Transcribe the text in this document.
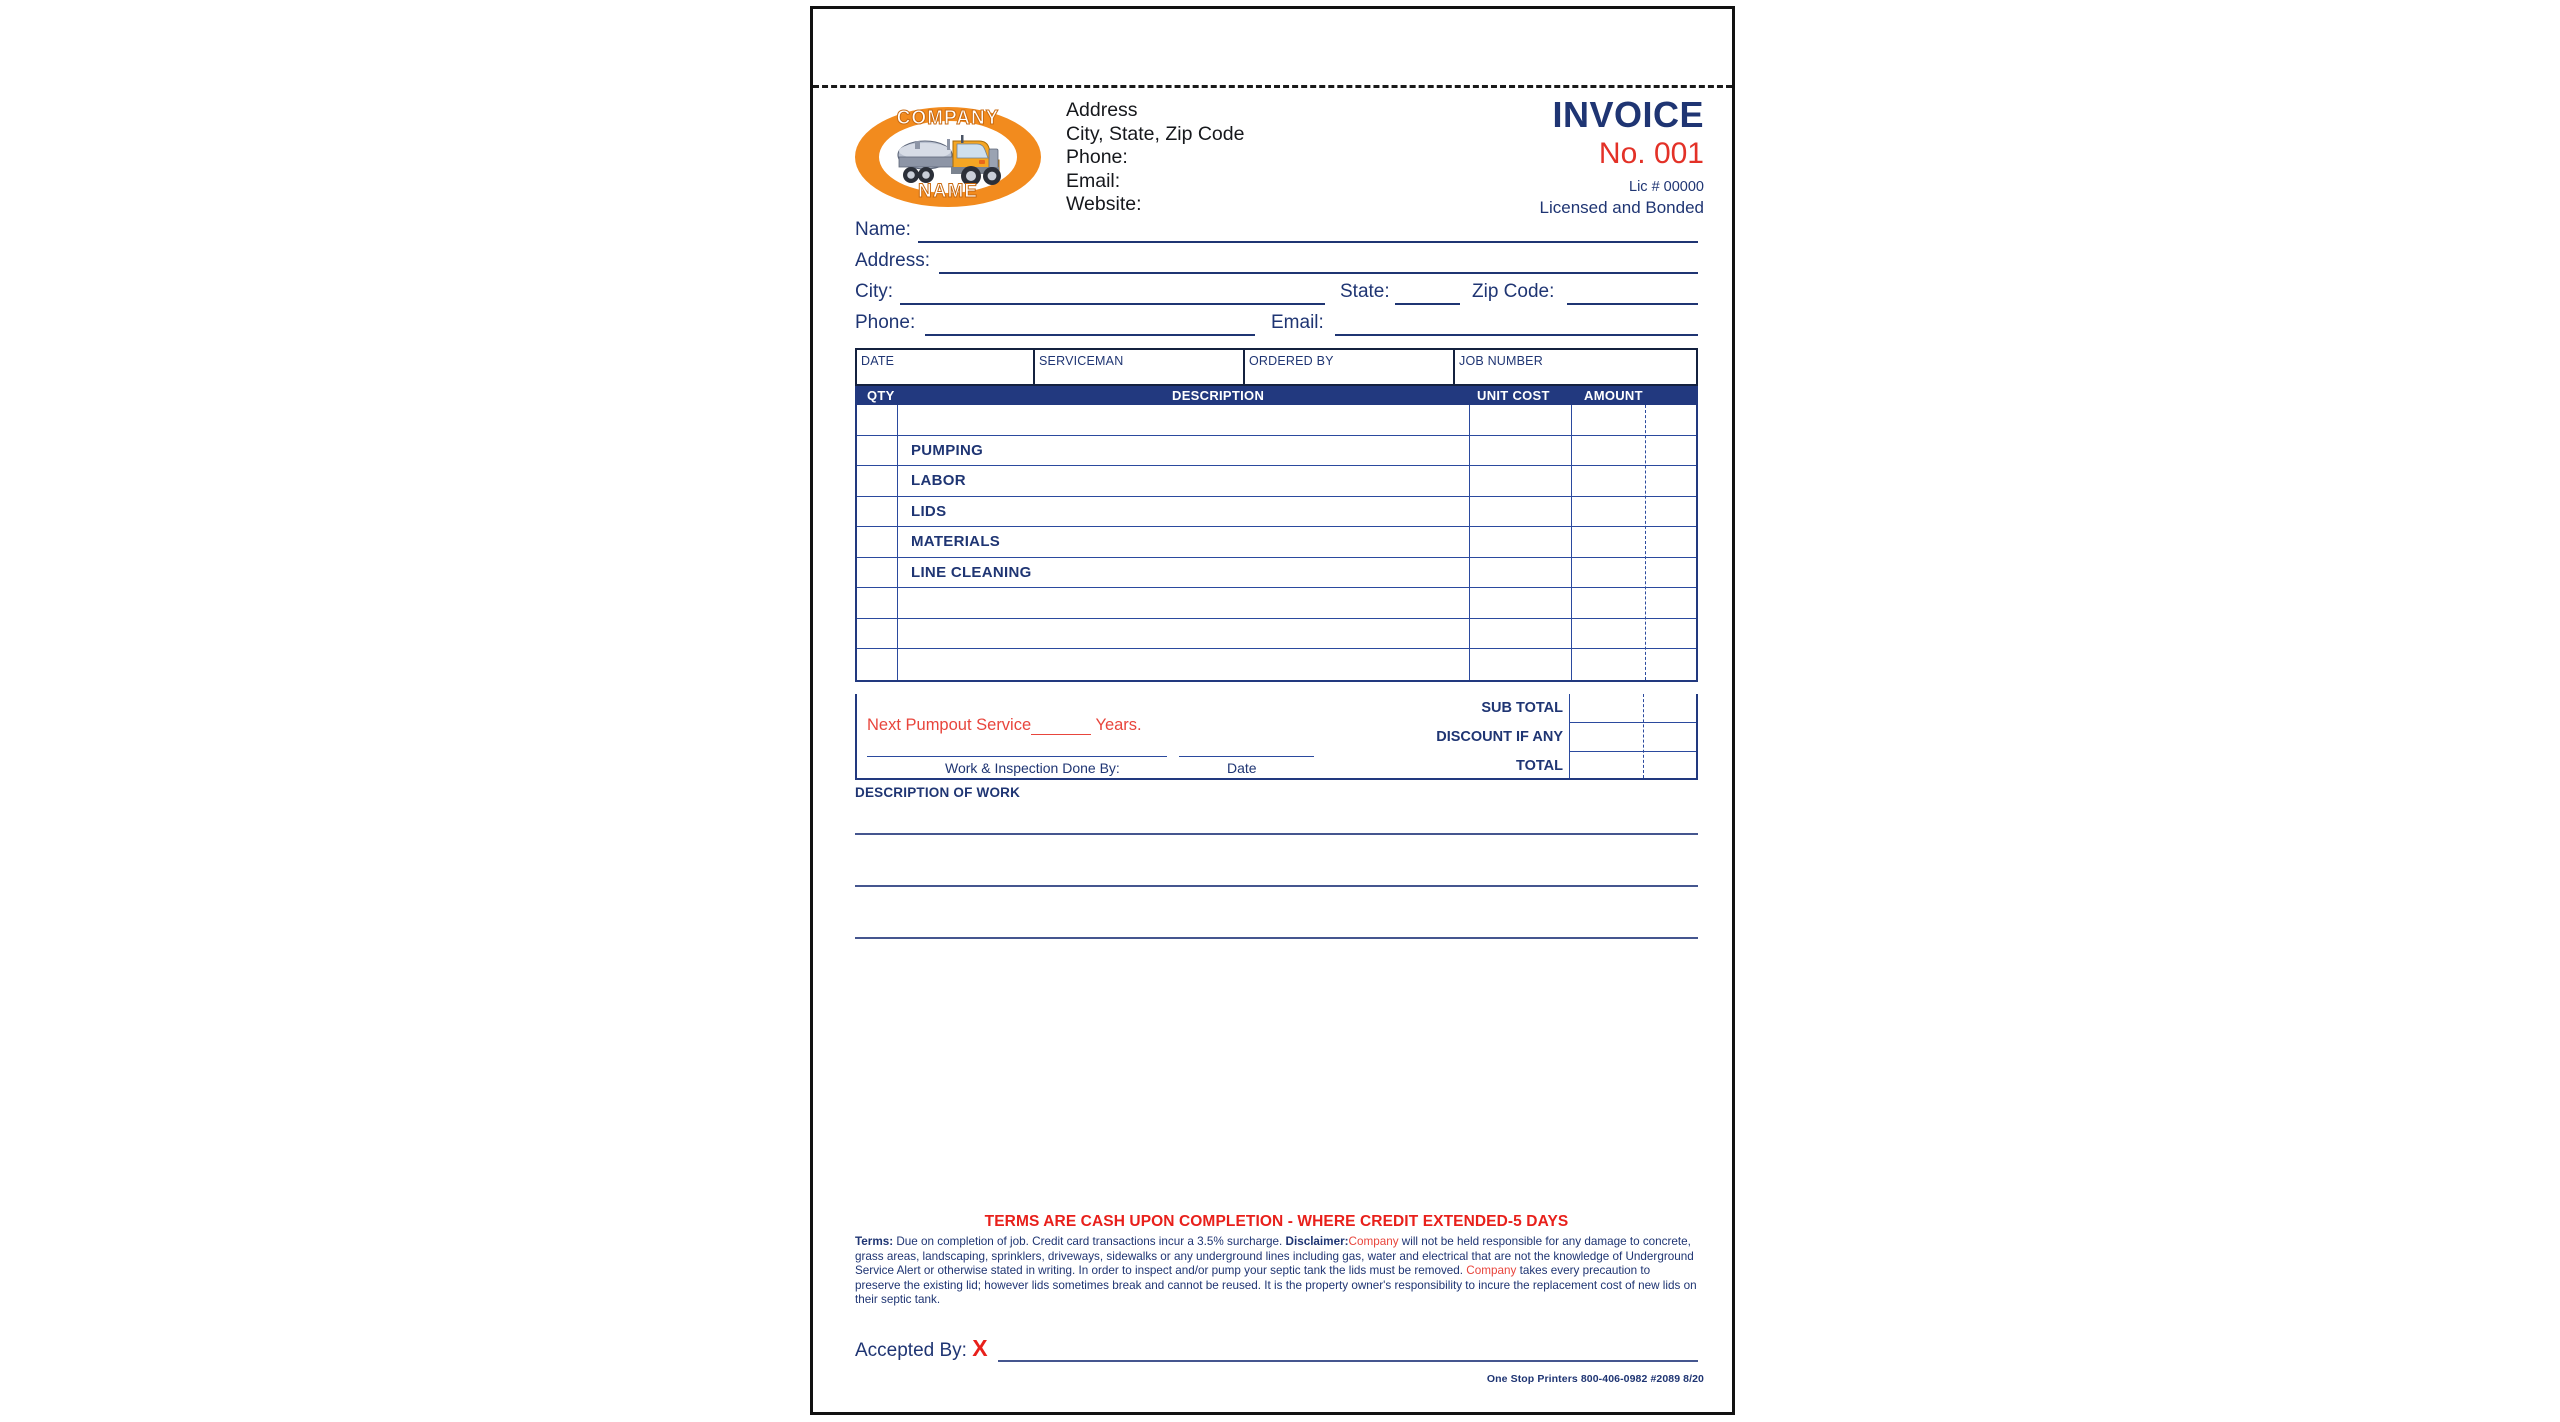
COMPANY
NAME
Address
City, State, Zip Code
Phone:
Email:
Website:
INVOICE
No. 001
Lic # 00000
Licensed and Bonded
Name:
Address:
City:	State:	Zip Code:
Phone:	Email:
DATE	SERVICEMAN	ORDERED BY	JOB NUMBER
QTY	DESCRIPTION	UNIT COST	AMOUNT
PUMPING
LABOR
LIDS
MATERIALS
LINE CLEANING
Next Pumpout Service	Years.
Work & Inspection Done By:	Date
SUB TOTAL
DISCOUNT IF ANY
TOTAL
DESCRIPTION OF WORK
TERMS ARE CASH UPON COMPLETION - WHERE CREDIT EXTENDED-5 DAYS
Terms: Due on completion of job. Credit card transactions incur a 3.5% surcharge. Disclaimer:Company will not be held responsible for any damage to concrete, grass areas, landscaping, sprinklers, driveways, sidewalks or any underground lines including gas, water and electrical that are not the knowledge of Underground Service Alert or otherwise stated in writing. In order to inspect and/or pump your septic tank the lids must be removed. Company takes every precaution to preserve the existing lid; however lids sometimes break and cannot be reused. It is the property owner's responsibility to incure the replacement cost of new lids on their septic tank.
Accepted By: X
One Stop Printers 800-406-0982 #2089 8/20
